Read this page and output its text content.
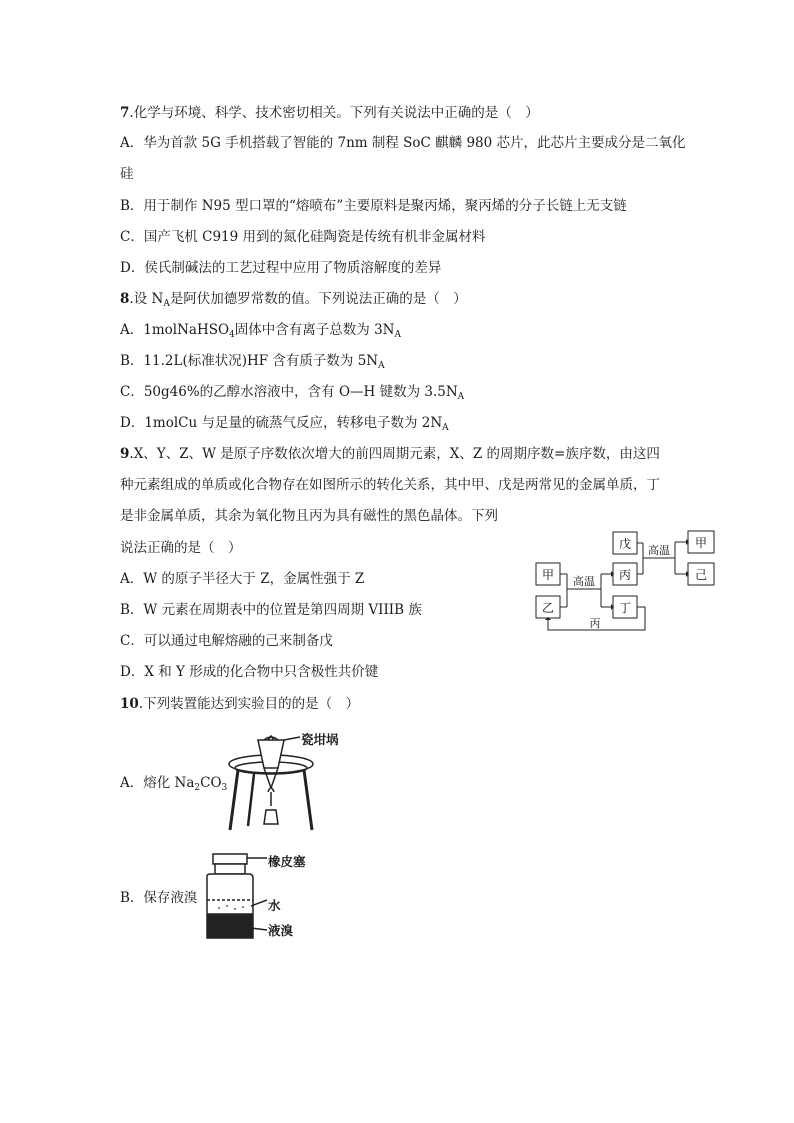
7.化学与环境、科学、技术密切相关。下列有关说法中正确的是（　）
A．华为首款 5G 手机搭载了智能的 7nm 制程 SoC 麒麟 980 芯片，此芯片主要成分是二氧化
硅
B．用于制作 N95 型口罩的“熔喷布”主要原料是聚丙烯，聚丙烯的分子长链上无支链
C．国产飞机 C919 用到的氮化硅陶瓷是传统有机非金属材料
D．侯氏制碱法的工艺过程中应用了物质溶解度的差异
8.设 $N_A$是阿伏加德罗常数的值。下列说法正确的是（　）
A．1molNaHSO$_4$固体中含有离子总数为 $3N_A$
B．11.2L(标准状况)HF 含有质子数为 $5N_A$
C．50g46%的乙醇水溶液中，含有 O—H 键数为 $3.5N_A$
D．1molCu 与足量的硫蒸气反应，转移电子数为 $2N_A$
9.X、Y、Z、W 是原子序数依次增大的前四周期元素，X、Z 的周期序数=族序数，由这四
种元素组成的单质或化合物存在如图所示的转化关系，其中甲、戊是两常见的金属单质，丁
是非金属单质，其余为氧化物且丙为具有磁性的黑色晶体。下列
说法正确的是（　）
A．W 的原子半径大于 Z，金属性强于 Z
B．W 元素在周期表中的位置是第四周期 VIIIB 族
C．可以通过电解熔融的己来制备戊
D．X 和 Y 形成的化合物中只含极性共价键
甲
乙
戊
丙
丁
甲
己
高温
高温
丙
10.下列装置能达到实验目的的是（　）
A．熔化 $Na_2CO_3$
瓷坩埚
B．保存液溴
橡皮塞
水
液溴
